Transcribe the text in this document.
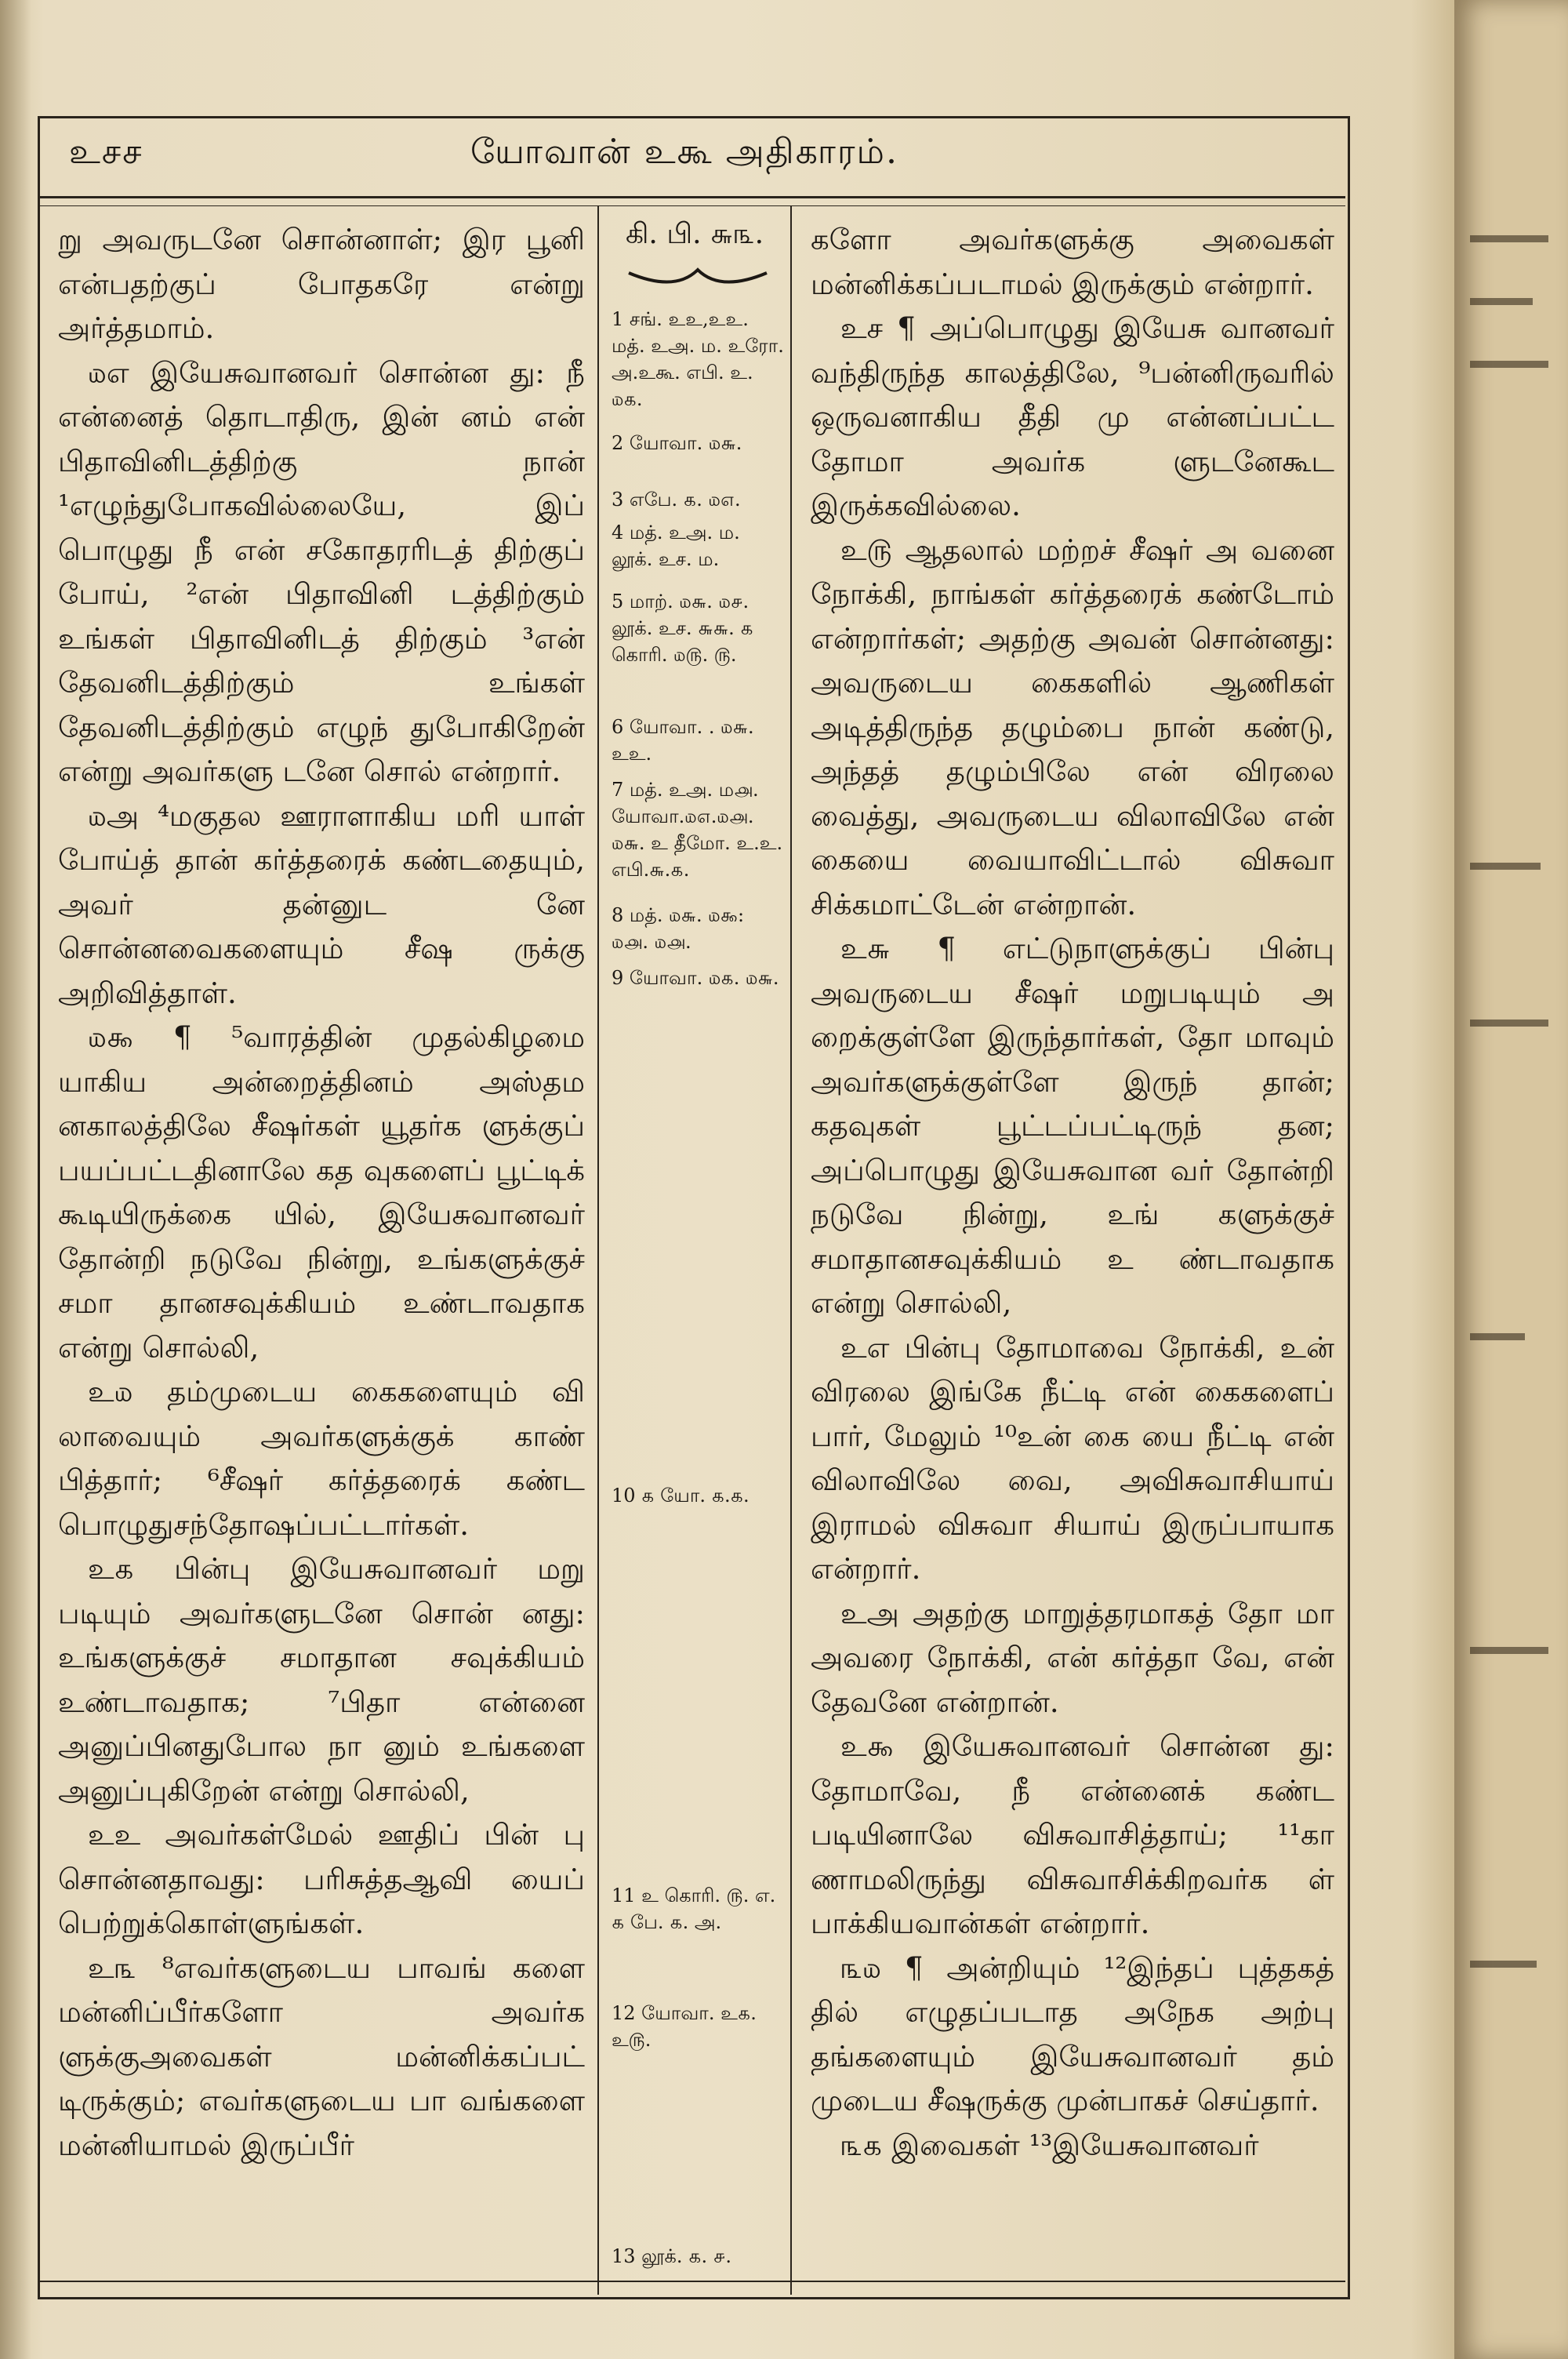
உசச	யோவான் உகூ அதிகாரம்.
கி. பி. ௬௩.
1 சங். உஉ,உஉ. மத். உஅ. ம. உரோ. அ.உகூ. எபி. உ. ௰௧.
2 யோவா. ௰௬.
3 எபே. ௧. ௰௭.
4 மத். உஅ. ம. லூக். உச. ம.
5 மாற். ௰௬. ௰௪. லூக். உச. ௬௬. ௧ கொரி. ௰௫. ௫.
6 யோவா. . ௰௬. உஉ.
7 மத். உஅ. ம௮. யோவா.௰௭.௰௮. ௰௬. உ தீமோ. உ.உ. எபி.௬.௧.
8 மத். ௰௬. ௰௯: ௰௮. ௰௮.
9 யோவா. ௰௧. ௰௬.
10 ௧ யோ. ௧.௧.
11 உ கொரி. ௫. எ. ௧ பே. ௧. அ.
12 யோவா. உ௧. உ௫.
13 லூக். ௧. ௪.

று அவருடனே சொன்னாள்; இர பூனி என்பதற்குப் போதகரே என்று அர்த்தமாம்.

௰எ இயேசுவானவர் சொன்ன து: நீ என்னைத் தொடாதிரு, இன் னம் என் பிதாவினிடத்திற்கு நான் ¹எழுந்துபோகவில்லையே, இப் பொழுது நீ என் சகோதரரிடத் திற்குப் போய், ²என் பிதாவினி டத்திற்கும் உங்கள் பிதாவினிடத் திற்கும் ³என் தேவனிடத்திற்கும் உங்கள் தேவனிடத்திற்கும் எழுந் துபோகிறேன் என்று அவர்களு டனே சொல் என்றார்.

௰அ ⁴மகுதல ஊராளாகிய மரி யாள் போய்த் தான் கர்த்தரைக் கண்டதையும், அவர் தன்னுட னே சொன்னவைகளையும் சீஷ ருக்கு அறிவித்தாள்.

௰௯ ¶ ⁵வாரத்தின் முதல்கிழமை யாகிய அன்றைத்தினம் அஸ்தம னகாலத்திலே சீஷர்கள் யூதர்க ளுக்குப் பயப்பட்டதினாலே கத வுகளைப் பூட்டிக் கூடியிருக்கை யில், இயேசுவானவர் தோன்றி நடுவே நின்று, உங்களுக்குச் சமா தானசவுக்கியம் உண்டாவதாக என்று சொல்லி,

உ௰ தம்முடைய கைகளையும் வி லாவையும் அவர்களுக்குக் காண் பித்தார்; ⁶சீஷர் கர்த்தரைக் கண்ட பொழுதுசந்தோஷப்பட்டார்கள்.

உ௧ பின்பு இயேசுவானவர் மறு படியும் அவர்களுடனே சொன் னது: உங்களுக்குச் சமாதான சவுக்கியம் உண்டாவதாக; ⁷பிதா என்னை அனுப்பினதுபோல நா னும் உங்களை அனுப்புகிறேன் என்று சொல்லி,

உஉ அவர்கள்மேல் ஊதிப் பின் பு சொன்னதாவது: பரிசுத்தஆவி யைப் பெற்றுக்கொள்ளுங்கள்.

உ௩ ⁸எவர்களுடைய பாவங் களை மன்னிப்பீர்களோ அவர்க ளுக்குஅவைகள் மன்னிக்கப்பட் டிருக்கும்; எவர்களுடைய பா வங்களை மன்னியாமல் இருப்பீர்

களோ அவர்களுக்கு அவைகள் மன்னிக்கப்படாமல் இருக்கும் என்றார்.

உச ¶ அப்பொழுது இயேசு வானவர் வந்திருந்த காலத்திலே, ⁹பன்னிருவரில் ஒருவனாகிய தீதி மு என்னப்பட்ட தோமா அவர்க ளுடனேகூட இருக்கவில்லை.

உ௫ ஆதலால் மற்றச் சீஷர் அ வனை நோக்கி, நாங்கள் கர்த்தரைக் கண்டோம் என்றார்கள்; அதற்கு அவன் சொன்னது: அவருடைய கைகளில் ஆணிகள் அடித்திருந்த தழும்பை நான் கண்டு, அந்தத் தழும்பிலே என் விரலை வைத்து, அவருடைய விலாவிலே என் கையை வையாவிட்டால் விசுவா சிக்கமாட்டேன் என்றான்.

உ௬ ¶ எட்டுநாளுக்குப் பின்பு அவருடைய சீஷர் மறுபடியும் அ றைக்குள்ளே இருந்தார்கள், தோ மாவும் அவர்களுக்குள்ளே இருந் தான்; கதவுகள் பூட்டப்பட்டிருந் தன; அப்பொழுது இயேசுவான வர் தோன்றி நடுவே நின்று, உங் களுக்குச் சமாதானசவுக்கியம் உ ண்டாவதாக என்று சொல்லி,

உஎ பின்பு தோமாவை நோக்கி, உன் விரலை இங்கே நீட்டி என் கைகளைப் பார், மேலும் ¹⁰உன் கை யை நீட்டி என் விலாவிலே வை, அவிசுவாசியாய் இராமல் விசுவா சியாய் இருப்பாயாக என்றார்.

உஅ அதற்கு மாறுத்தரமாகத் தோ மா அவரை நோக்கி, என் கர்த்தா வே, என் தேவனே என்றான்.

உ௯ இயேசுவானவர் சொன்ன து: தோமாவே, நீ என்னைக் கண்ட படியினாலே விசுவாசித்தாய்; ¹¹கா ணாமலிருந்து விசுவாசிக்கிறவர்க ள் பாக்கியவான்கள் என்றார்.

௩௰ ¶ அன்றியும் ¹²இந்தப் புத்தகத் தில் எழுதப்படாத அநேக அற்பு தங்களையும் இயேசுவானவர் தம் முடைய சீஷருக்கு முன்பாகச் செய்தார்.

௩௧ இவைகள் ¹³இயேசுவானவர்
